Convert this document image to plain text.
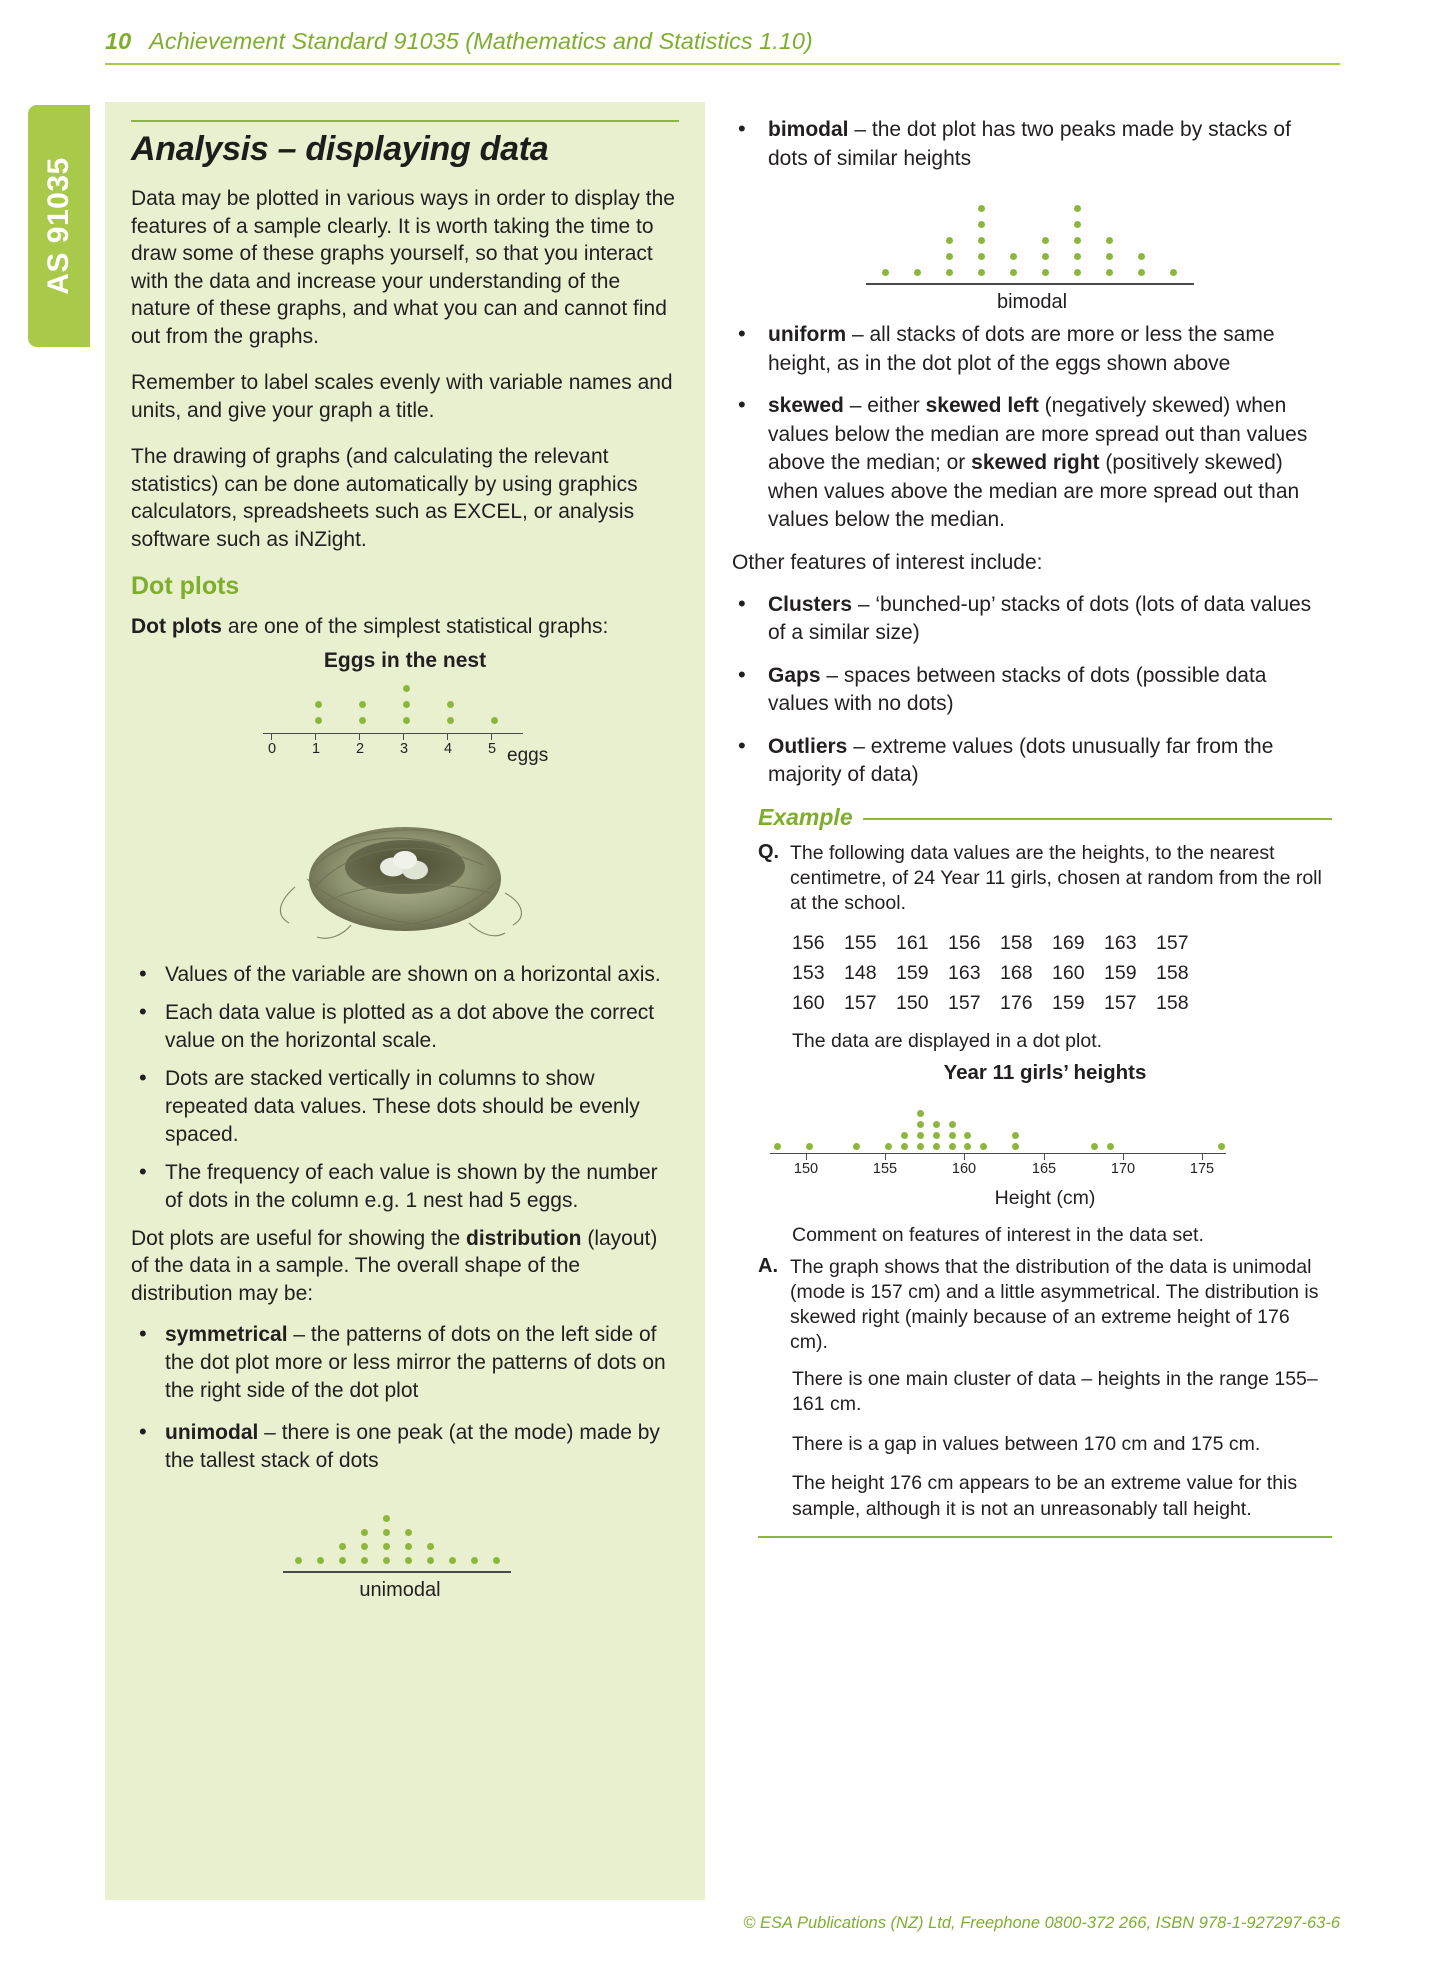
10 Achievement Standard 91035 (Mathematics and Statistics 1.10)
AS 91035
Analysis – displaying data

Data may be plotted in various ways in order to display the features of a sample clearly. It is worth taking the time to draw some of these graphs yourself, so that you interact with the data and increase your understanding of the nature of these graphs, and what you can and cannot find out from the graphs.

Remember to label scales evenly with variable names and units, and give your graph a title.

The drawing of graphs (and calculating the relevant statistics) can be done automatically by using graphics calculators, spreadsheets such as EXCEL, or analysis software such as iNZight.

Dot plots

Dot plots are one of the simplest statistical graphs:

Eggs in the nest
0 1 2 3 4 5 eggs
• Values of the variable are shown on a horizontal axis.
• Each data value is plotted as a dot above the correct value on the horizontal scale.
• Dots are stacked vertically in columns to show repeated data values. These dots should be evenly spaced.
• The frequency of each value is shown by the number of dots in the column e.g. 1 nest had 5 eggs.

Dot plots are useful for showing the distribution (layout) of the data in a sample. The overall shape of the distribution may be:

• symmetrical – the patterns of dots on the left side of the dot plot more or less mirror the patterns of dots on the right side of the dot plot
• unimodal – there is one peak (at the mode) made by the tallest stack of dots
unimodal
• bimodal – the dot plot has two peaks made by stacks of dots of similar heights
bimodal
• uniform – all stacks of dots are more or less the same height, as in the dot plot of the eggs shown above
• skewed – either skewed left (negatively skewed) when values below the median are more spread out than values above the median; or skewed right (positively skewed) when values above the median are more spread out than values below the median.

Other features of interest include:

• Clusters – ‘bunched-up’ stacks of dots (lots of data values of a similar size)
• Gaps – spaces between stacks of dots (possible data values with no dots)
• Outliers – extreme values (dots unusually far from the majority of data)
Example
Q. The following data values are the heights, to the nearest centimetre, of 24 Year 11 girls, chosen at random from the roll at the school.
156 155 161 156 158 169 163 157
153 148 159 163 168 160 159 158
160 157 150 157 176 159 157 158
The data are displayed in a dot plot.
Year 11 girls’ heights
150	155	160	165	170	175
Height (cm)
Comment on features of interest in the data set.
A. The graph shows that the distribution of the data is unimodal (mode is 157 cm) and a little asymmetrical. The distribution is skewed right (mainly because of an extreme height of 176 cm).
There is one main cluster of data – heights in the range 155–161 cm.
There is a gap in values between 170 cm and 175 cm.
The height 176 cm appears to be an extreme value for this sample, although it is not an unreasonably tall height.
© ESA Publications (NZ) Ltd, Freephone 0800-372 266, ISBN 978-1-927297-63-6
